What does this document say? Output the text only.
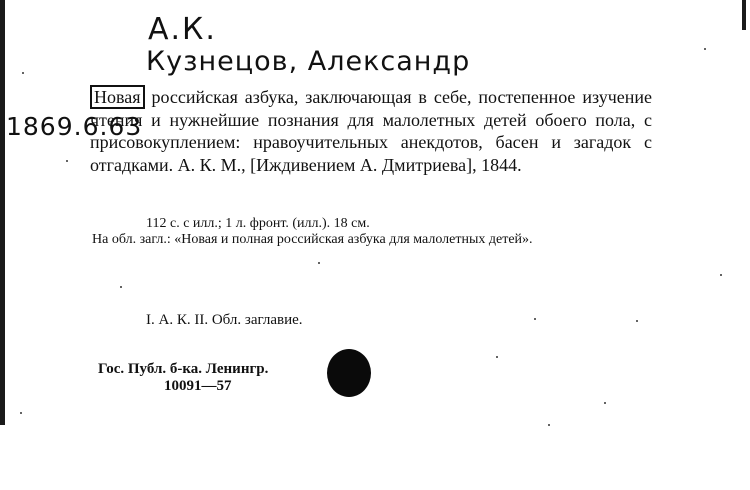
А.К.
Кузнецов, Александр
1869.6.63
Новая российская азбука, заключающая в себе, постепенное изучение чтения и нужнейшие познания для малолетных детей обоего пола, с присовокуплением: нравоучительных анекдотов, басен и загадок с отгадками. А. К. М., [Иждивением А. Дмитриева], 1844.
112 с. с илл.; 1 л. фронт. (илл.). 18 см.
На обл. загл.: «Новая и полная российская азбука для малолетных детей».
I. А. К. II. Обл. заглавие.
Гос. Публ. б-ка. Ленингр.
10091—57
